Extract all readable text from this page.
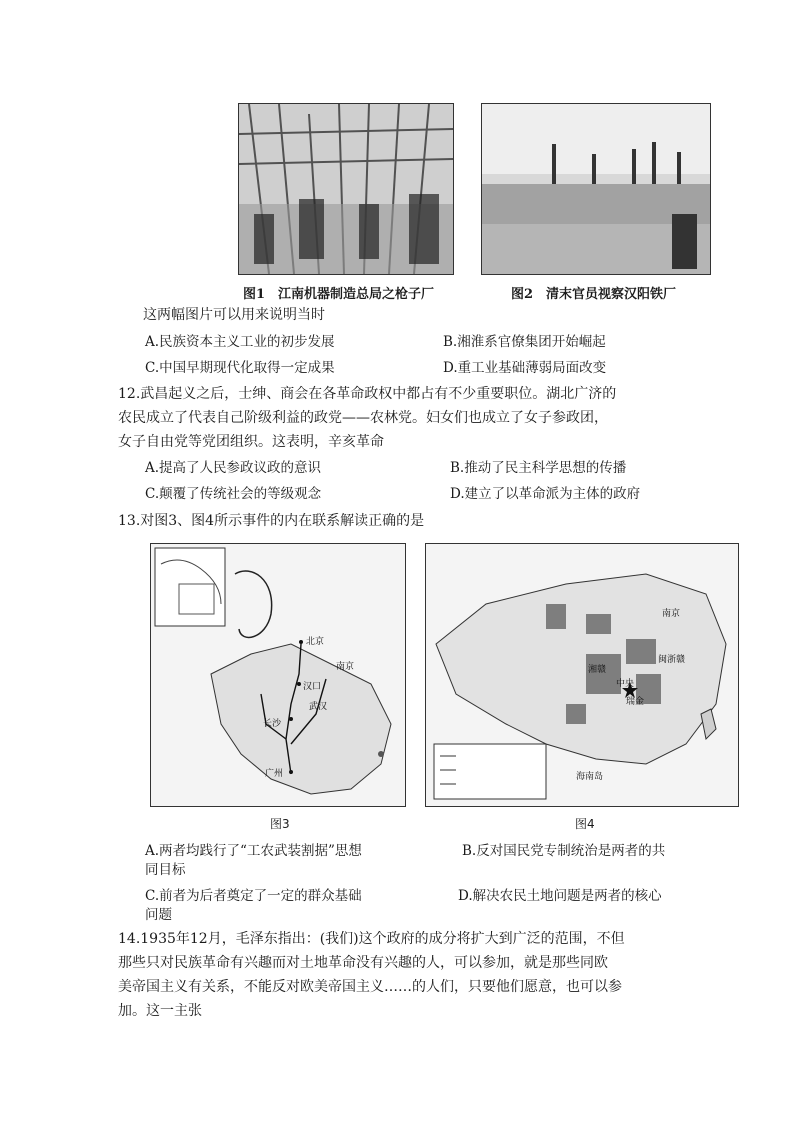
图1　江南机器制造总局之枪子厂	图2　清末官员视察汉阳铁厂
这两幅图片可以用来说明当时
A.民族资本主义工业的初步发展	B.湘淮系官僚集团开始崛起
C.中国早期现代化取得一定成果	D.重工业基础薄弱局面改变
12.武昌起义之后，士绅、商会在各革命政权中都占有不少重要职位。湖北广济的
农民成立了代表自己阶级利益的政党——农林党。妇女们也成立了女子参政团，
女子自由党等党团组织。这表明，辛亥革命
A.提高了人民参政议政的意识	B.推动了民主科学思想的传播
C.颠覆了传统社会的等级观念	D.建立了以革命派为主体的政府
13.对图3、图4所示事件的内在联系解读正确的是
北京
汉口
长沙
广州
南京
武汉
南京
瑞金
湘赣
闽浙赣
中央
海南岛
图3	图4
A.两者均践行了“工农武装割据”思想	B.反对国民党专制统治是两者的共
同目标
C.前者为后者奠定了一定的群众基础	D.解决农民土地问题是两者的核心
问题
14.1935年12月，毛泽东指出：(我们)这个政府的成分将扩大到广泛的范围，不但
那些只对民族革命有兴趣而对土地革命没有兴趣的人，可以参加，就是那些同欧
美帝国主义有关系，不能反对欧美帝国主义……的人们，只要他们愿意，也可以参
加。这一主张
